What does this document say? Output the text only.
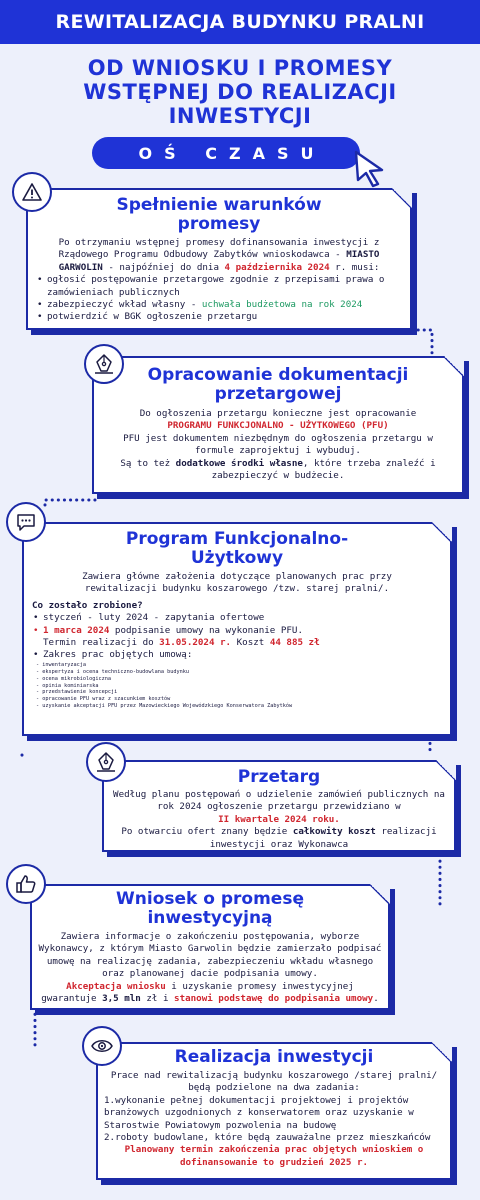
REWITALIZACJA BUDYNKU PRALNI
OD WNIOSKU I PROMESY
WSTĘPNEJ DO REALIZACJI
INWESTYCJI
OŚ CZASU
Spełnienie warunków promesy
Po otrzymaniu wstępnej promesy dofinansowania inwestycji z Rządowego Programu Odbudowy Zabytków wnioskodawca - MIASTO GARWOLIN - najpóźniej do dnia 4 października 2024 r. musi:
• ogłosić postępowanie przetargowe zgodnie z przepisami prawa o zamówieniach publicznych
• zabezpieczyć wkład własny - uchwała budżetowa na rok 2024
• potwierdzić w BGK ogłoszenie przetargu
Opracowanie dokumentacji przetargowej
Do ogłoszenia przetargu konieczne jest opracowanie
PROGRAMU FUNKCJONALNO - UŻYTKOWEGO (PFU)
PFU jest dokumentem niezbędnym do ogłoszenia przetargu w formule zaprojektuj i wybuduj.
Są to też dodatkowe środki własne, które trzeba znaleźć i zabezpieczyć w budżecie.
Program Funkcjonalno-Użytkowy
Zawiera główne założenia dotyczące planowanych prac przy rewitalizacji budynku koszarowego /tzw. starej pralni/.
Co zostało zrobione?
• styczeń - luty 2024 - zapytania ofertowe
• 1 marca 2024 podpisanie umowy na wykonanie PFU.
Termin realizacji do 31.05.2024 r. Koszt 44 885 zł
• Zakres prac objętych umową:
- inwentaryzacja
- ekspertyza i ocena techniczno-budowlana budynku
- ocena mikrobiologiczna
- opinia kominiarska
- przedstawienie koncepcji
- opracowanie PFU wraz z szacunkiem kosztów
- uzyskanie akceptacji PFU przez Mazowieckiego Wojewódzkiego Konserwatora Zabytków
Przetarg
Według planu postępowań o udzielenie zamówień publicznych na rok 2024 ogłoszenie przetargu przewidziano w
II kwartale 2024 roku.
Po otwarciu ofert znany będzie całkowity koszt realizacji inwestycji oraz Wykonawca
Wniosek o promesę inwestycyjną
Zawiera informacje o zakończeniu postępowania, wyborze Wykonawcy, z którym Miasto Garwolin będzie zamierzało podpisać umowę na realizację zadania, zabezpieczeniu wkładu własnego oraz planowanej dacie podpisania umowy.
Akceptacja wniosku i uzyskanie promesy inwestycyjnej gwarantuje 3,5 mln zł i stanowi podstawę do podpisania umowy.
Realizacja inwestycji
Prace nad rewitalizacją budynku koszarowego /starej pralni/ będą podzielone na dwa zadania:
1.wykonanie pełnej dokumentacji projektowej i projektów branżowych uzgodnionych z konserwatorem oraz uzyskanie w Starostwie Powiatowym pozwolenia na budowę
2.roboty budowlane, które będą zauważalne przez mieszkańców
Planowany termin zakończenia prac objętych wnioskiem o dofinansowanie to grudzień 2025 r.
